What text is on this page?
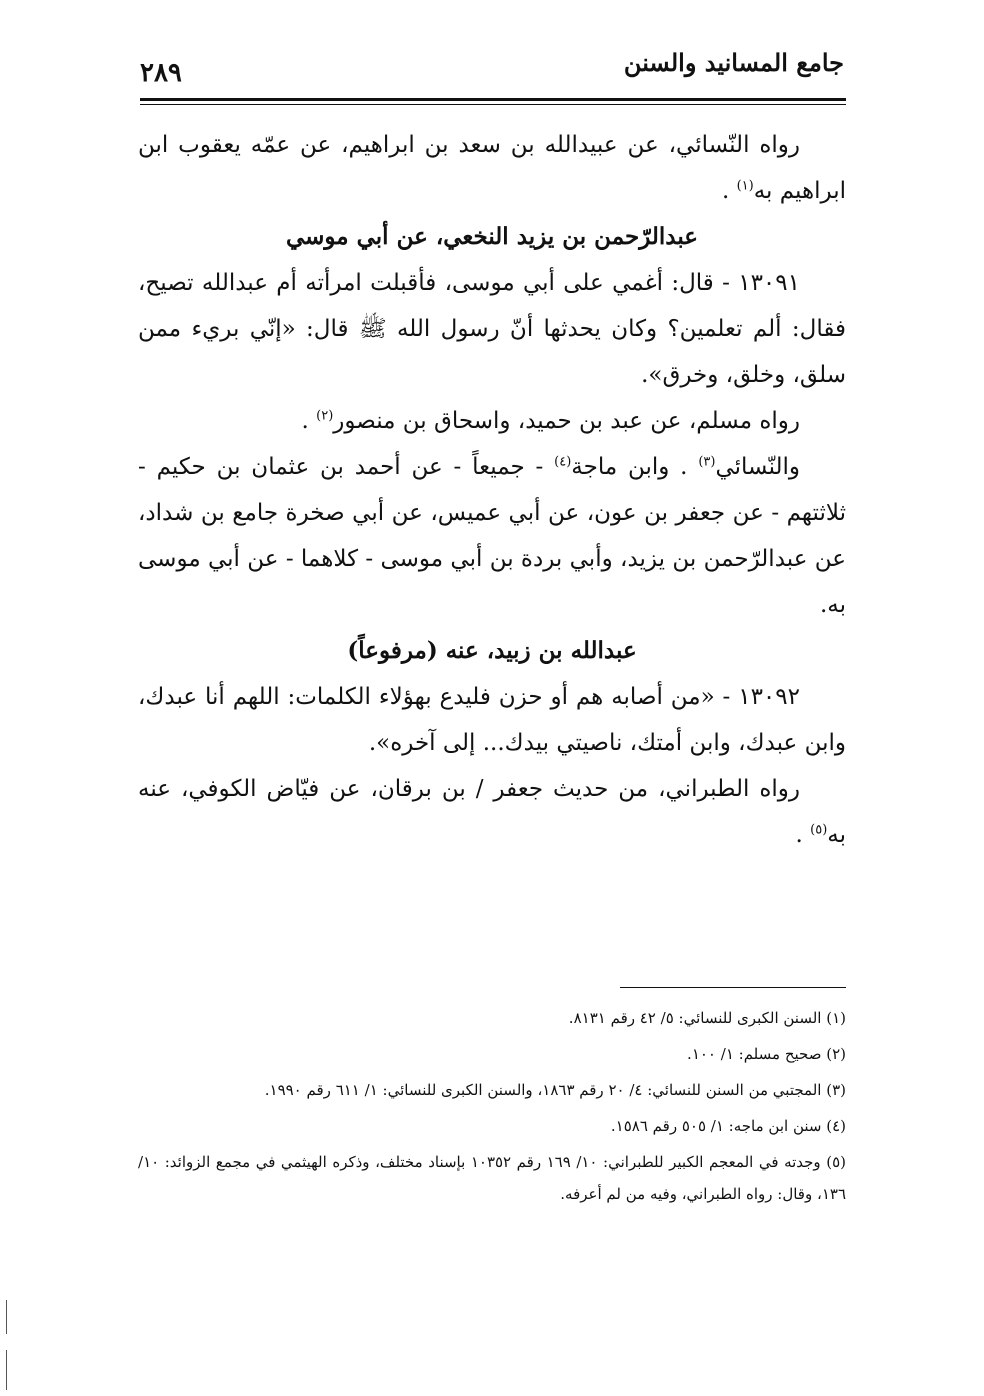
جامع المسانيد والسنن
٢٨٩

رواه النّسائي، عن عبيدالله بن سعد بن ابراهيم، عن عمّه يعقوب ابن ابراهيم به$^{(١)}$ .

عبدالرّحمن بن يزيد النخعي، عن أبي موسي

١٣٠٩١ - قال: أغمي على أبي موسى، فأقبلت امرأته أم عبدالله تصيح، فقال: ألم تعلمين؟ وكان يحدثها أنّ رسول الله ﷺ قال: «إنّي بريء ممن سلق، وخلق، وخرق».

رواه مسلم، عن عبد بن حميد، واسحاق بن منصور$^{(٢)}$ .

والنّسائي$^{(٣)}$ . وابن ماجة$^{(٤)}$ - جميعاً - عن أحمد بن عثمان بن حكيم - ثلاثتهم - عن جعفر بن عون، عن أبي عميس، عن أبي صخرة جامع بن شداد، عن عبدالرّحمن بن يزيد، وأبي بردة بن أبي موسى - كلاهما - عن أبي موسى به.

عبدالله بن زبيد، عنه (مرفوعاً)

١٣٠٩٢ - «من أصابه هم أو حزن فليدع بهؤلاء الكلمات: اللهم أنا عبدك، وابن عبدك، وابن أمتك، ناصيتي بيدك... إلى آخره».

رواه الطبراني، من حديث جعفر / بن برقان، عن فيّاض الكوفي، عنه به$^{(٥)}$ .

(١) السنن الكبرى للنسائي: ٥/ ٤٢ رقم ٨١٣١.

(٢) صحيح مسلم: ١/ ١٠٠.

(٣) المجتبي من السنن للنسائي: ٤/ ٢٠ رقم ١٨٦٣، والسنن الكبرى للنسائي: ١/ ٦١١ رقم ١٩٩٠.

(٤) سنن ابن ماجه: ١/ ٥٠٥ رقم ١٥٨٦.

(٥) وجدته في المعجم الكبير للطبراني: ١٠/ ١٦٩ رقم ١٠٣٥٢ بإسناد مختلف، وذكره الهيثمي في مجمع الزوائد: ١٠/ ١٣٦، وقال: رواه الطبراني، وفيه من لم أعرفه.
